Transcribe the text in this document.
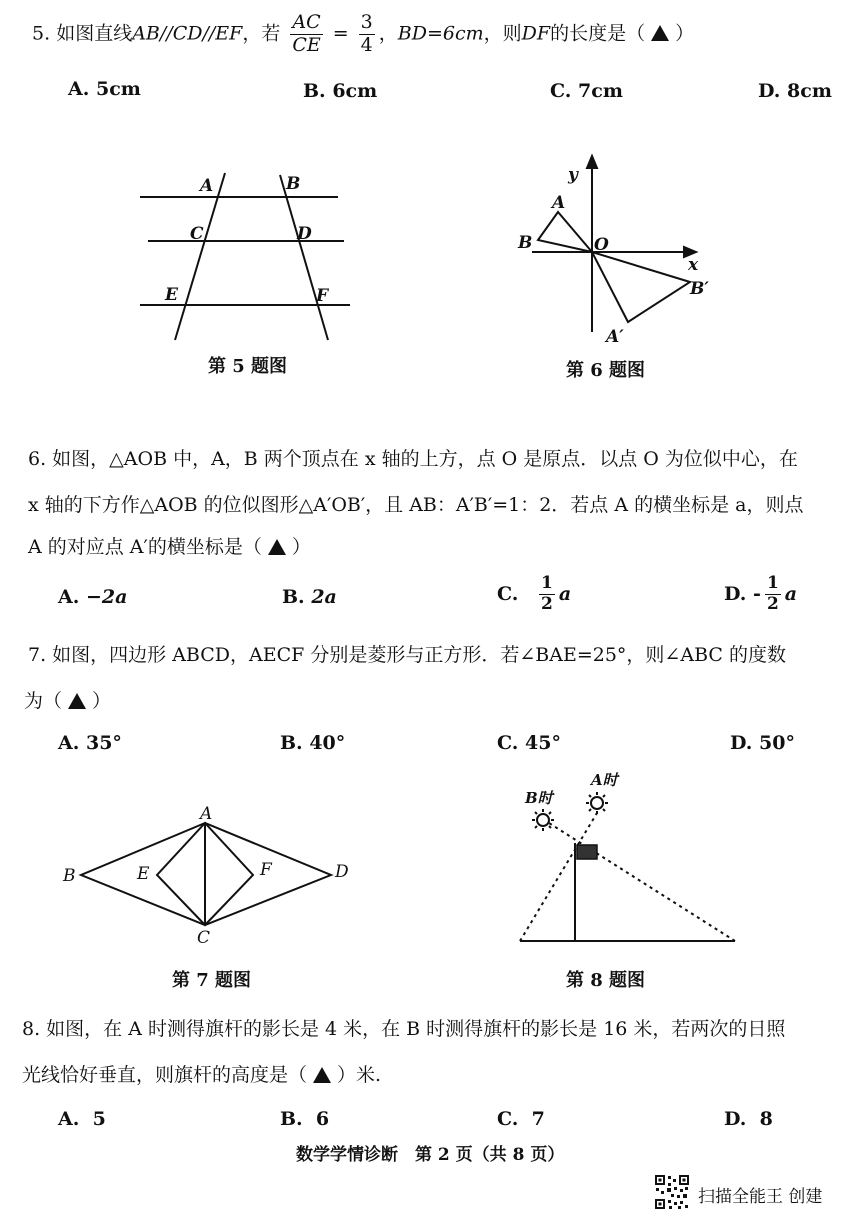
5. 如图直线AB//CD//EF，若 $\frac{AC}{CE} = \frac{3}{4}$ ，BD=6cm，则DF的长度是（ ）
A. 5cm	B. 6cm	C. 7cm	D. 8cm
A	B
C	D
E	F
第 5 题图
y
A
B	O
x
B′
A′
第 6 题图
6. 如图，△AOB 中，A，B 两个顶点在 x 轴的上方，点 O 是原点．以点 O 为位似中心，在
x 轴的下方作△AOB 的位似图形△A′OB′，且 AB：A′B′=1：2．若点 A 的横坐标是 a，则点
A 的对应点 A′的横坐标是（ ）
A. −2a	B. 2a	C. $\frac{1}{2}$ a	D. - $\frac{1}{2}$ a
7. 如图，四边形 ABCD，AECF 分别是菱形与正方形．若∠BAE=25°，则∠ABC 的度数
为（ ）
A. 35°	B. 40°	C. 45°	D. 50°
A
B	E	F	D
C
第 7 题图
B时
A时
第 8 题图
8. 如图，在 A 时测得旗杆的影长是 4 米，在 B 时测得旗杆的影长是 16 米，若两次的日照
光线恰好垂直，则旗杆的高度是（ ）米.
A. 5	B. 6	C. 7	D. 8
数学学情诊断　第 2 页（共 8 页）
扫描全能王 创建
